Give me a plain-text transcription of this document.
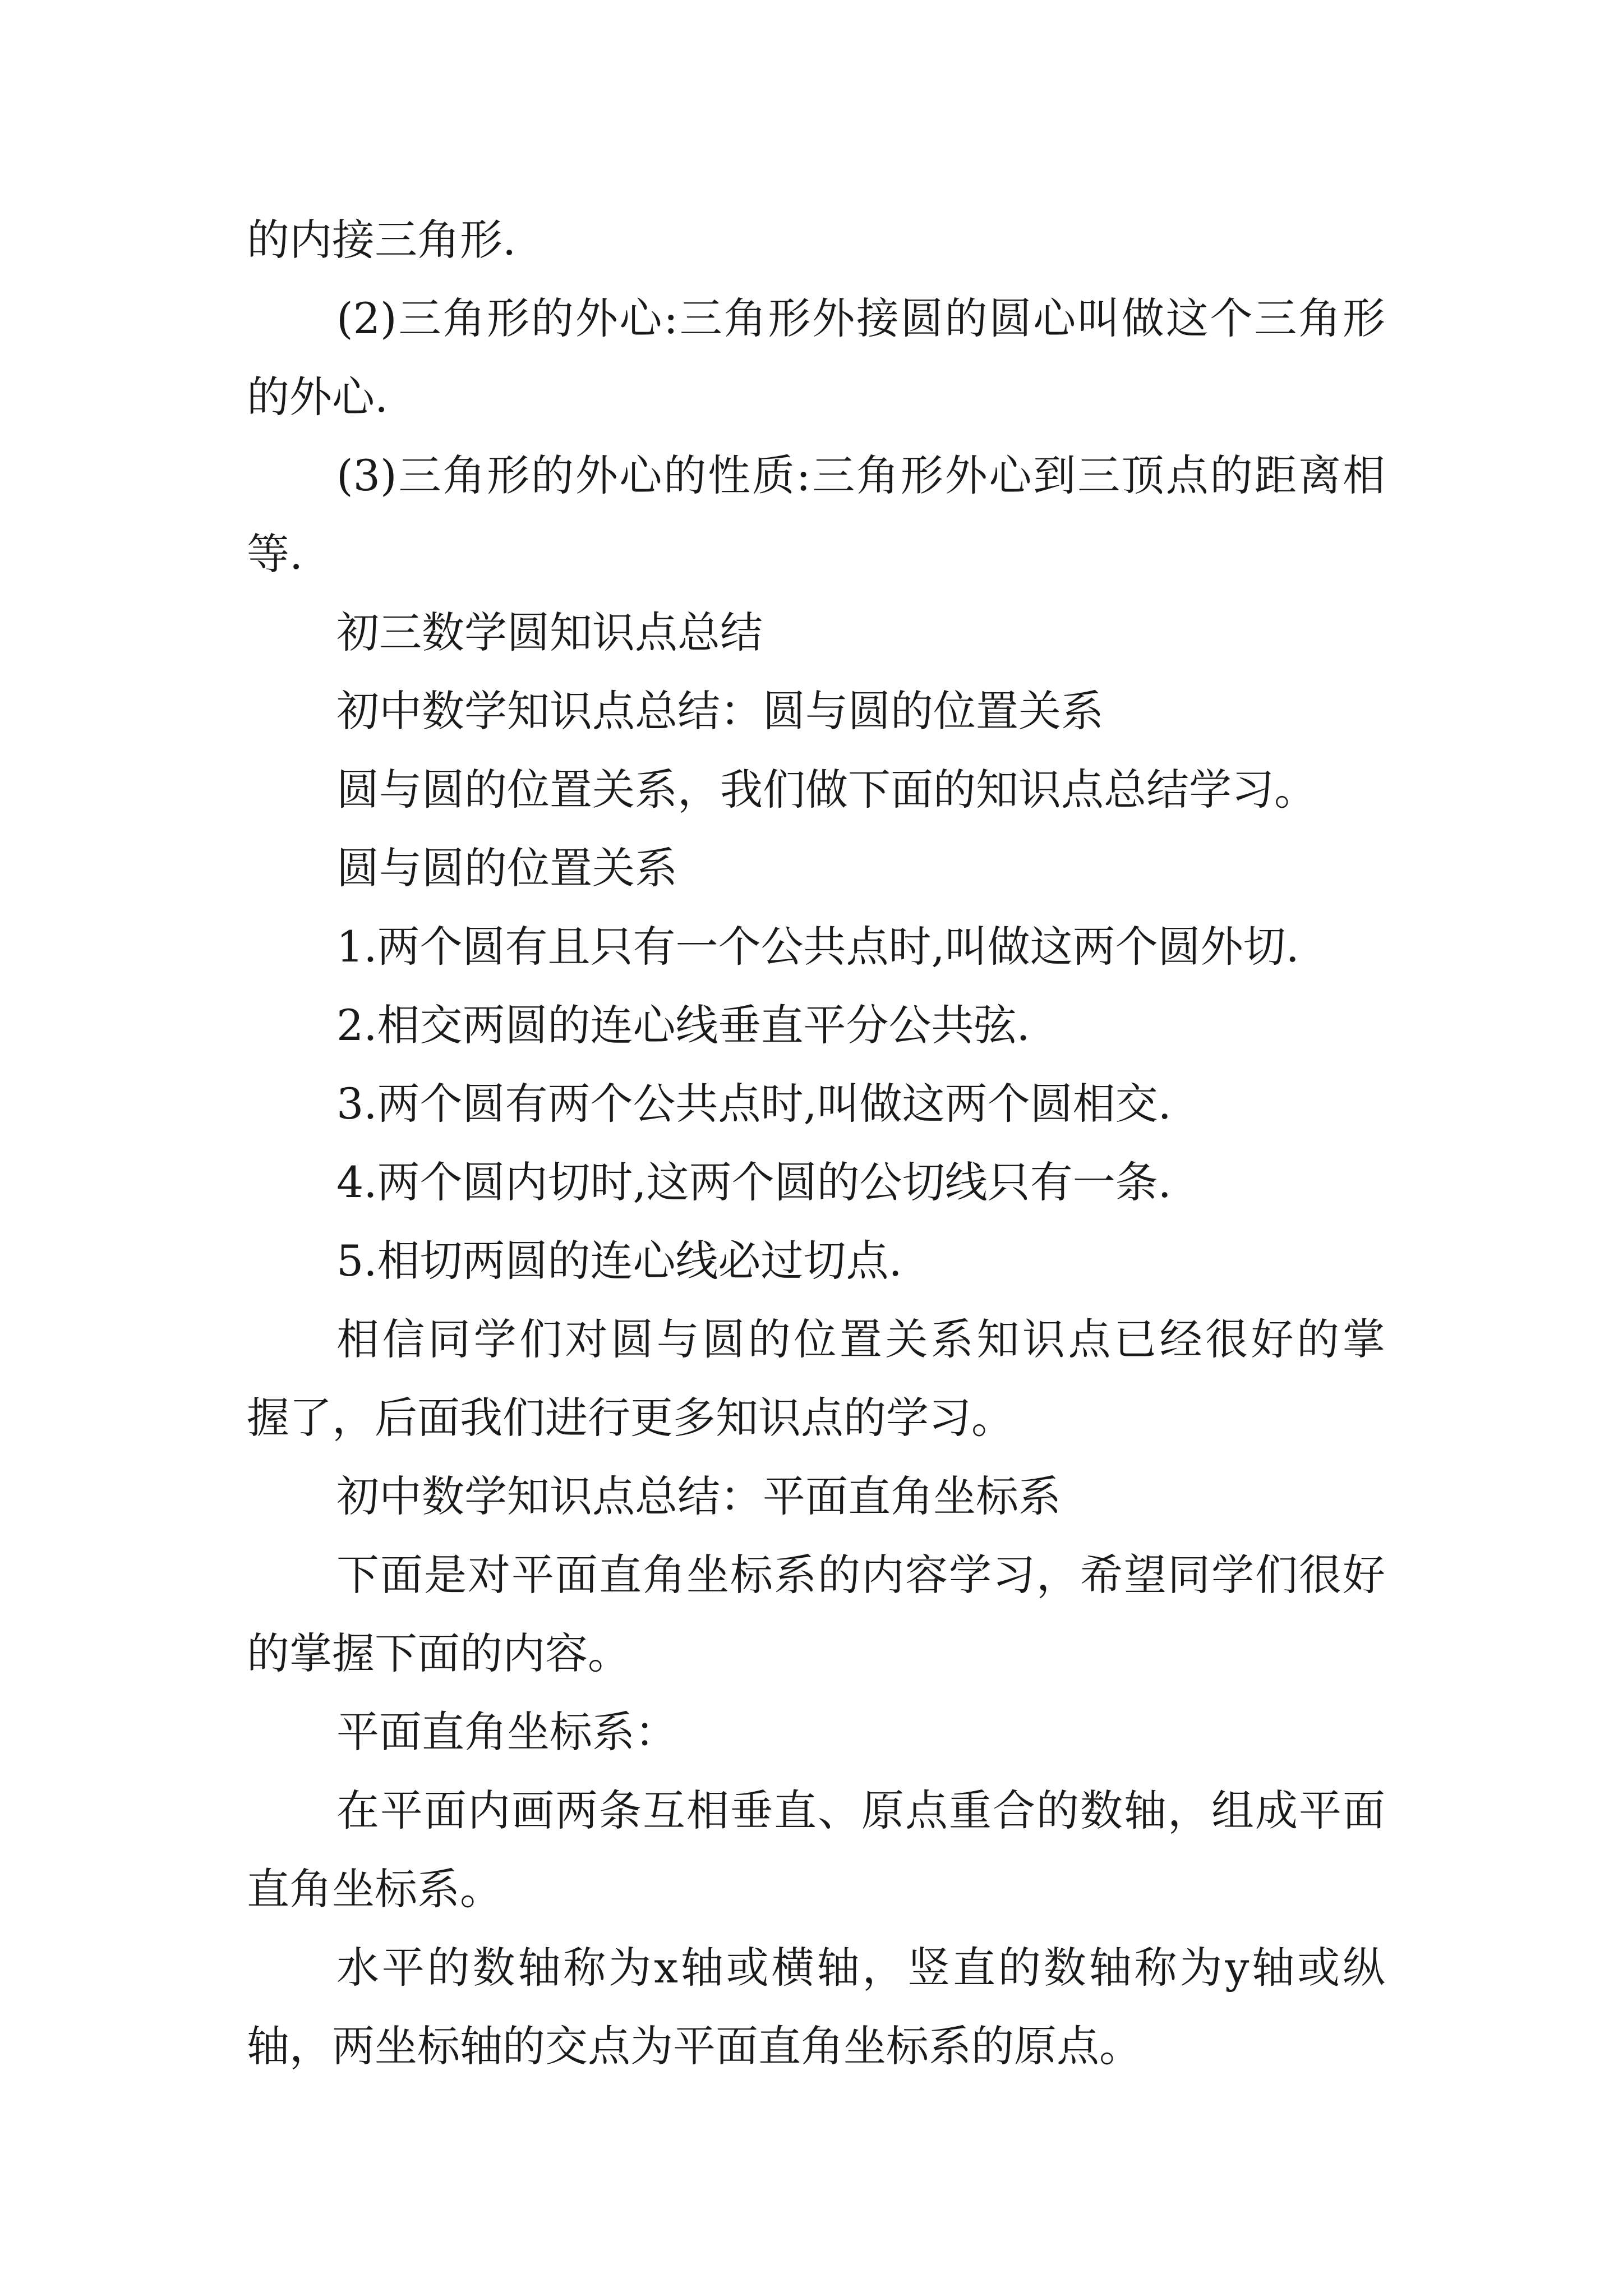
的内接三角形.
(2) 三 角 形 的 外 心 : 三 角 形 外 接 圆 的 圆 心 叫 做 这 个 三 角 形
的外心.
(3) 三 角 形 的 外 心 的 性 质 : 三 角 形 外 心 到 三 顶 点 的 距 离 相
等.
初三数学圆知识点总结
初中数学知识点总结：圆与圆的位置关系
圆与圆的位置关系，我们做下面的知识点总结学习。
圆与圆的位置关系
1.两个圆有且只有一个公共点时,叫做这两个圆外切.
2.相交两圆的连心线垂直平分公共弦.
3.两个圆有两个公共点时,叫做这两个圆相交.
4.两个圆内切时,这两个圆的公切线只有一条.
5.相切两圆的连心线必过切点.
相 信 同 学 们 对 圆 与 圆 的 位 置 关 系 知 识 点 已 经 很 好 的 掌
握了，后面我们进行更多知识点的学习。
初中数学知识点总结：平面直角坐标系
下 面 是 对 平 面 直 角 坐 标 系 的 内 容 学 习 ， 希 望 同 学 们 很 好
的掌握下面的内容。
平面直角坐标系：
在 平 面 内 画 两 条 互 相 垂 直 、 原 点 重 合 的 数 轴 ， 组 成 平 面
直角坐标系。
水 平 的 数 轴 称 为 x 轴 或 横 轴 ， 竖 直 的 数 轴 称 为 y 轴 或 纵
轴，两坐标轴的交点为平面直角坐标系的原点。
